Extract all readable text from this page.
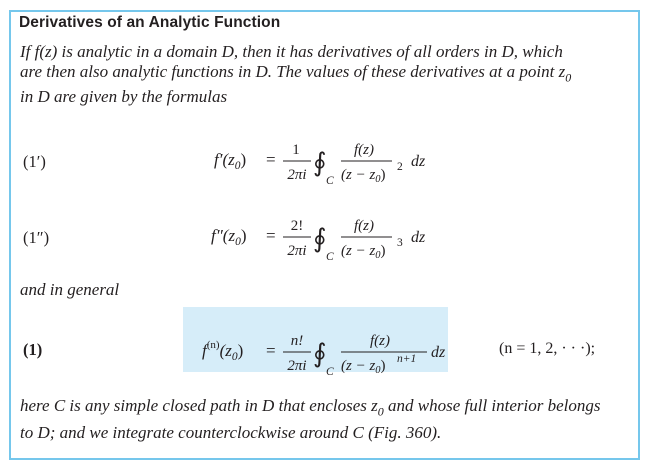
Derivatives of an Analytic Function
If f(z) is analytic in a domain D, then it has derivatives of all orders in D, which
are then also analytic functions in D. The values of these derivatives at a point $z_0$
in D are given by the formulas
(1′)	$f'(z_0) = 1$
2πi ∮
C
f(z)
$(z - z_0)$ 2 dz
(1″)	$f''(z_0) = 2$!
2πi ∮
C
f(z)
$(z - z_0)$ 3 dz
and in general
(1)	$f^{(n)}(z_0) = n$!
2πi ∮
C
f(z)
$(z - z_0)$ n+1 dz	(n = 1, 2, · · ·);
here C is any simple closed path in D that encloses $z_0$ and whose full interior belongs
to D; and we integrate counterclockwise around C (Fig. 360).
